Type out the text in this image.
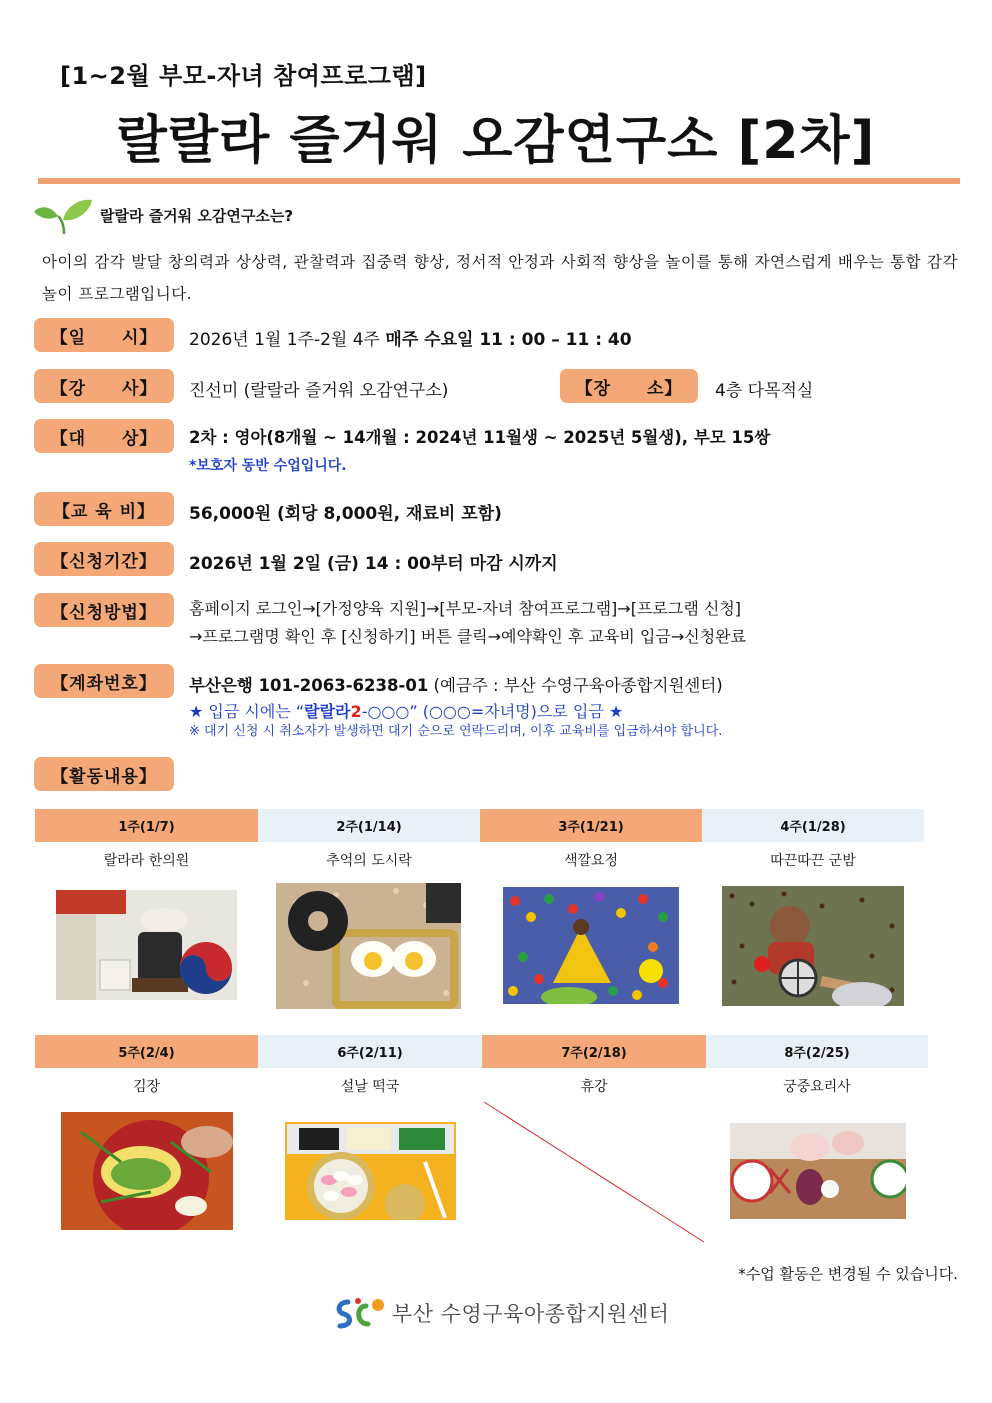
[1~2월 부모-자녀 참여프로그램]
랄랄라 즐거워 오감연구소 [2차]
랄랄라 즐거워 오감연구소는?
아이의 감각 발달 창의력과 상상력, 관찰력과 집중력 향상, 정서적 안정과 사회적 향상을 놀이를 통해 자연스럽게 배우는 통합 감각 놀이 프로그램입니다.
【일　　시】	2026년 1월 1주-2월 4주 매주 수요일 11 : 00 – 11 : 40
【강　　사】	진선미 (랄랄라 즐거워 오감연구소)	【장　　소】	4층 다목적실
【대　　상】	2차 : 영아(8개월 ~ 14개월 : 2024년 11월생 ~ 2025년 5월생), 부모 15쌍
*보호자 동반 수업입니다.
【교 육 비】	56,000원 (회당 8,000원, 재료비 포함)
【신청기간】	2026년 1월 2일 (금) 14 : 00부터 마감 시까지
【신청방법】	홈페이지 로그인→[가정양육 지원]→[부모-자녀 참여프로그램]→[프로그램 신청]
→프로그램명 확인 후 [신청하기] 버튼 클릭→예약확인 후 교육비 입금→신청완료
【계좌번호】	부산은행 101-2063-6238-01 (예금주 : 부산 수영구육아종합지원센터)
★ 입금 시에는 “랄랄라2-○○○” (○○○=자녀명)으로 입금 ★
※ 대기 신청 시 취소자가 발생하면 대기 순으로 연락드리며, 이후 교육비를 입금하셔야 합니다.
【활동내용】
1주(1/7)	2주(1/14)	3주(1/21)	4주(1/28)
랄라라 한의원	추억의 도시락	색깔요정	따끈따끈 군밤
5주(2/4)	6주(2/11)	7주(2/18)	8주(2/25)
김장	설날 떡국	휴강	궁중요리사
*수업 활동은 변경될 수 있습니다.
부산 수영구육아종합지원센터
